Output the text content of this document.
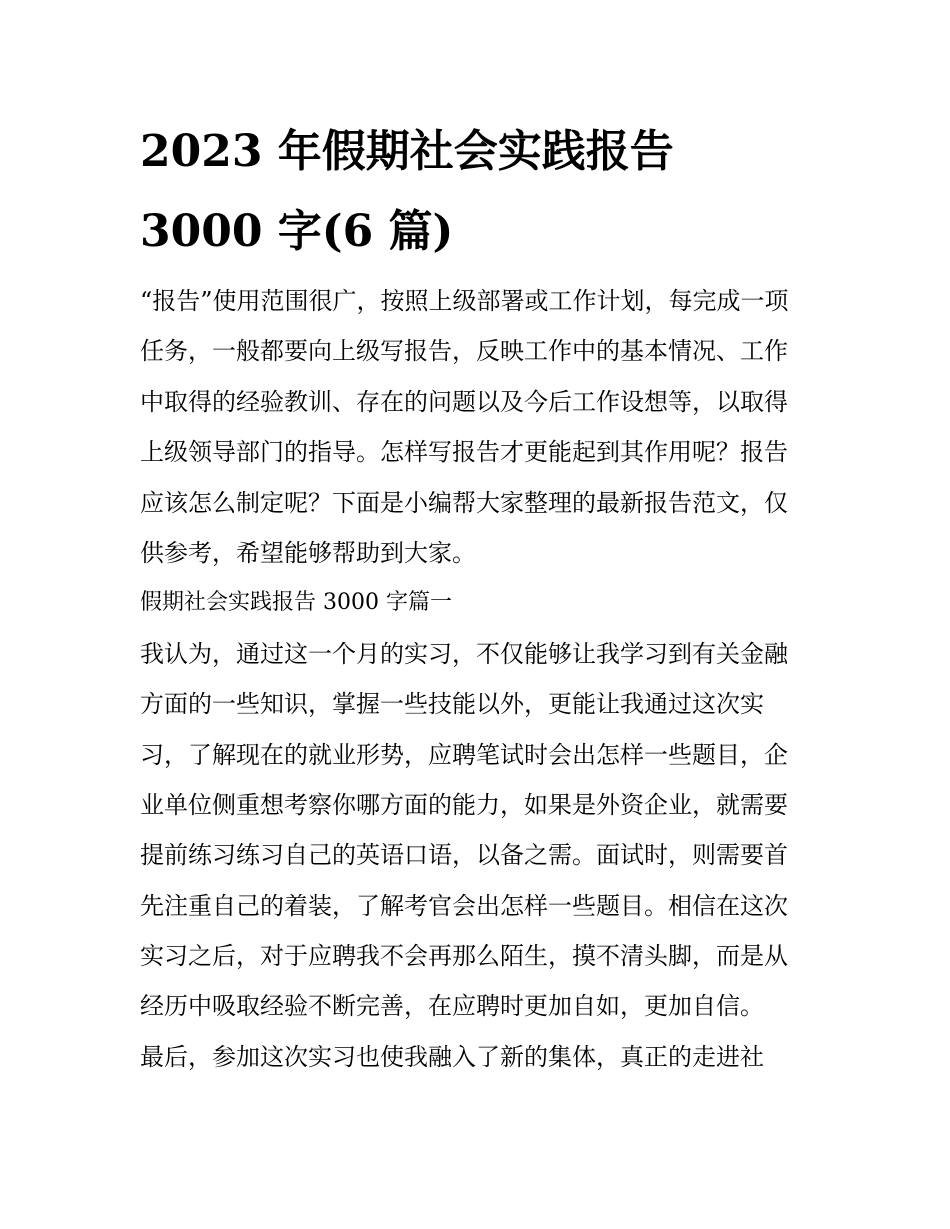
2023 年假期社会实践报告
3000 字(6 篇)
“报告”使用范围很广，按照上级部署或工作计划，每完成一项
任务，一般都要向上级写报告，反映工作中的基本情况、工作
中取得的经验教训、存在的问题以及今后工作设想等，以取得
上级领导部门的指导。怎样写报告才更能起到其作用呢？报告
应该怎么制定呢？下面是小编帮大家整理的最新报告范文，仅
供参考，希望能够帮助到大家。
假期社会实践报告 3000 字篇一
我认为，通过这一个月的实习，不仅能够让我学习到有关金融
方面的一些知识，掌握一些技能以外，更能让我通过这次实
习，了解现在的就业形势，应聘笔试时会出怎样一些题目，企
业单位侧重想考察你哪方面的能力，如果是外资企业，就需要
提前练习练习自己的英语口语，以备之需。面试时，则需要首
先注重自己的着装，了解考官会出怎样一些题目。相信在这次
实习之后，对于应聘我不会再那么陌生，摸不清头脚，而是从
经历中吸取经验不断完善，在应聘时更加自如，更加自信。
最后，参加这次实习也使我融入了新的集体，真正的走进社
